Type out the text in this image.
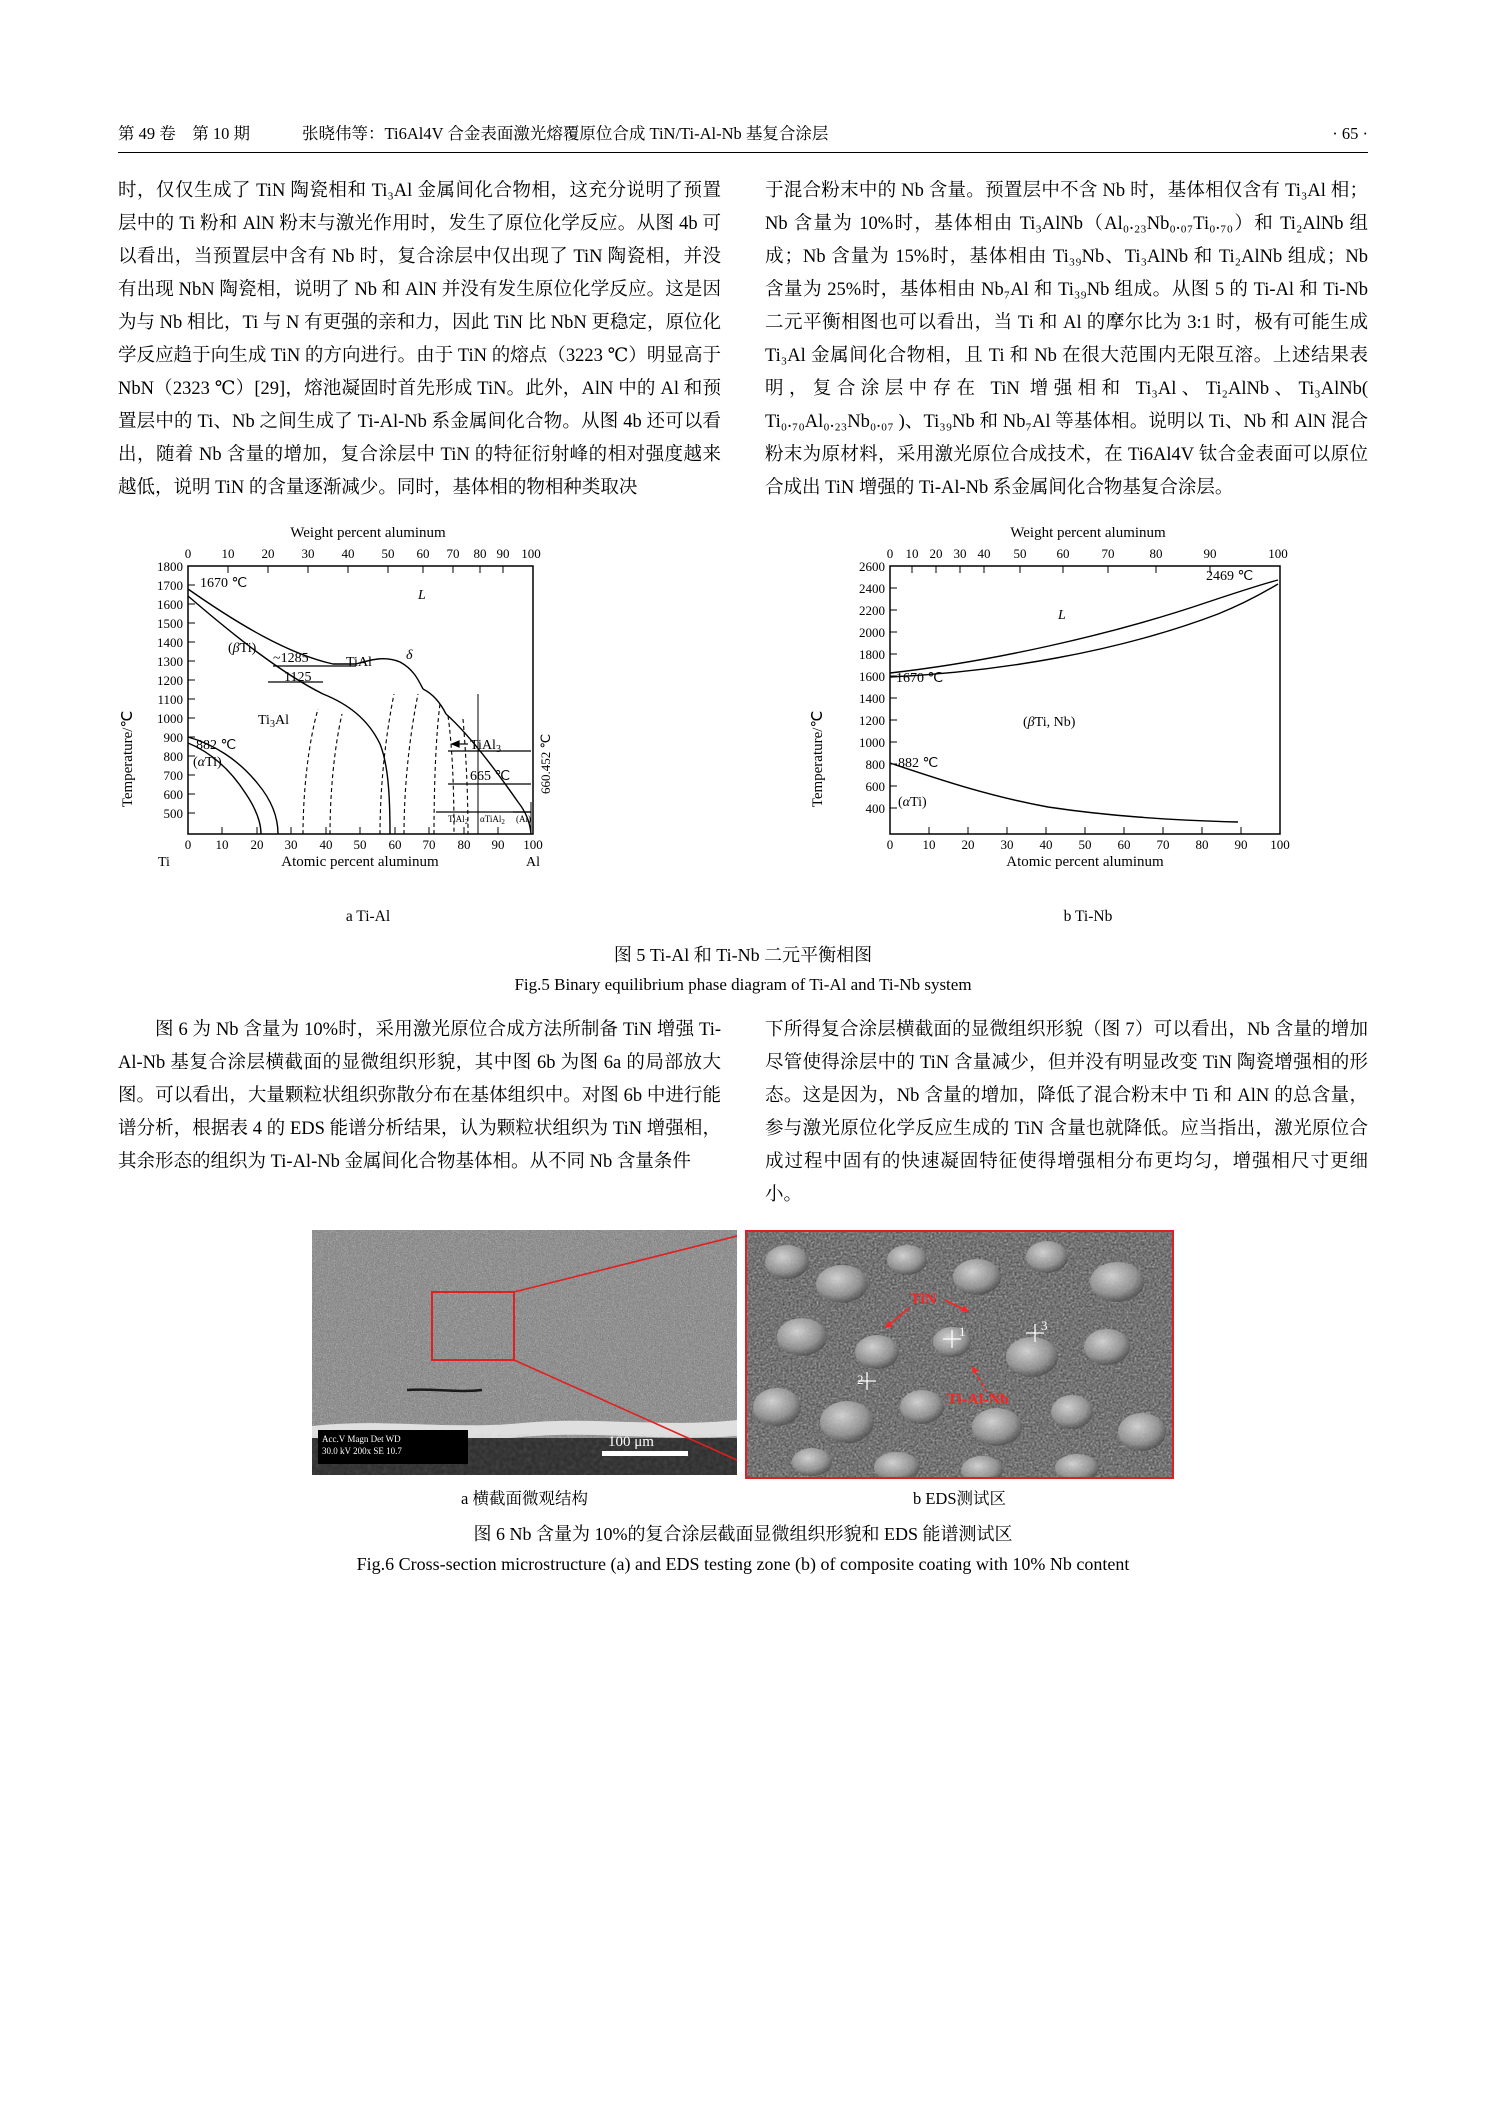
第 49 卷    第 10 期	张晓伟等：Ti6Al4V 合金表面激光熔覆原位合成 TiN/Ti-Al-Nb 基复合涂层	· 65 ·

时，仅仅生成了 TiN 陶瓷相和 Ti₃Al 金属间化合物相，这充分说明了预置层中的 Ti 粉和 AlN 粉末与激光作用时，发生了原位化学反应。从图 4b 可以看出，当预置层中含有 Nb 时，复合涂层中仅出现了 TiN 陶瓷相，并没有出现 NbN 陶瓷相，说明了 Nb 和 AlN 并没有发生原位化学反应。这是因为与 Nb 相比，Ti 与 N 有更强的亲和力，因此 TiN 比 NbN 更稳定，原位化学反应趋于向生成 TiN 的方向进行。由于 TiN 的熔点（3223 ℃）明显高于 NbN（2323 ℃）[29]，熔池凝固时首先形成 TiN。此外，AlN 中的 Al 和预置层中的 Ti、Nb 之间生成了 Ti-Al-Nb 系金属间化合物。从图 4b 还可以看出，随着 Nb 含量的增加，复合涂层中 TiN 的特征衍射峰的相对强度越来越低，说明 TiN 的含量逐渐减少。同时，基体相的物相种类取决

于混合粉末中的 Nb 含量。预置层中不含 Nb 时，基体相仅含有 Ti₃Al 相；Nb 含量为 10%时，基体相由 Ti₃AlNb（Al₀.₂₃Nb₀.₀₇Ti₀.₇₀）和 Ti₂AlNb 组成；Nb 含量为 15%时，基体相由 Ti₃₉Nb、Ti₃AlNb 和 Ti₂AlNb 组成；Nb 含量为 25%时，基体相由 Nb₇Al 和 Ti₃₉Nb 组成。从图 5 的 Ti-Al 和 Ti-Nb 二元平衡相图也可以看出，当 Ti 和 Al 的摩尔比为 3:1 时，极有可能生成 Ti₃Al 金属间化合物相，且 Ti 和 Nb 在很大范围内无限互溶。上述结果表明，复合涂层中存在 TiN 增强相和 Ti₃Al、Ti₂AlNb、Ti₃AlNb( Ti₀.₇₀Al₀.₂₃Nb₀.₀₇ )、Ti₃₉Nb 和 Nb₇Al 等基体相。说明以 Ti、Nb 和 AlN 混合粉末为原材料，采用激光原位合成技术，在 Ti6Al4V 钛合金表面可以原位合成出 TiN 增强的 Ti-Al-Nb 系金属间化合物基复合涂层。

Weight percent aluminum
Temperature/℃
0 10 20 30 40 50 60 70 80 90 100
1800
1700
1600
1500
1400
1300
1200
1100
1000
900
800
700
600
500
0 10 20 30 40 50 60 70 80 90 100
1670 ℃
L
(βTi)
~1285
1125
TiAl δ
$Ti_3Al$
882 ℃
(αTi)
TiAl$_3$
665 ℃
TiAl$_2$ αTiAl$_2$ (Al)
660.452 ℃
Ti	Al
Atomic percent aluminum
a Ti-Al
Weight percent aluminum
Temperature/℃
0 10 20 30 40 50 60 70	80	90	100
2600
2400
2200
2000
1800
1600
1400
1200
1000
800
600
400
0 10 20 30 40 50 60 70 80 90 100
2469 ℃
L
1670 ℃
(βTi, Nb)
882 ℃
(αTi)
Atomic percent aluminum
b Ti-Nb
图 5 Ti-Al 和 Ti-Nb 二元平衡相图
Fig.5 Binary equilibrium phase diagram of Ti-Al and Ti-Nb system

图 6 为 Nb 含量为 10%时，采用激光原位合成方法所制备 TiN 增强 Ti-Al-Nb 基复合涂层横截面的显微组织形貌，其中图 6b 为图 6a 的局部放大图。可以看出，大量颗粒状组织弥散分布在基体组织中。对图 6b 中进行能谱分析，根据表 4 的 EDS 能谱分析结果，认为颗粒状组织为 TiN 增强相，其余形态的组织为 Ti-Al-Nb 金属间化合物基体相。从不同 Nb 含量条件

下所得复合涂层横截面的显微组织形貌（图 7）可以看出，Nb 含量的增加尽管使得涂层中的 TiN 含量减少，但并没有明显改变 TiN 陶瓷增强相的形态。这是因为，Nb 含量的增加，降低了混合粉末中 Ti 和 AlN 的总含量，参与激光原位化学反应生成的 TiN 含量也就降低。应当指出，激光原位合成过程中固有的快速凝固特征使得增强相分布更均匀，增强相尺寸更细小。

Acc.V Magn Det WD
30.0 kV 200x SE 10.7
100 μm
3
2
1
TiN
Ti-Al-Nb
a 横截面微观结构	b EDS测试区
图 6 Nb 含量为 10%的复合涂层截面显微组织形貌和 EDS 能谱测试区
Fig.6 Cross-section microstructure (a) and EDS testing zone (b) of composite coating with 10% Nb content
